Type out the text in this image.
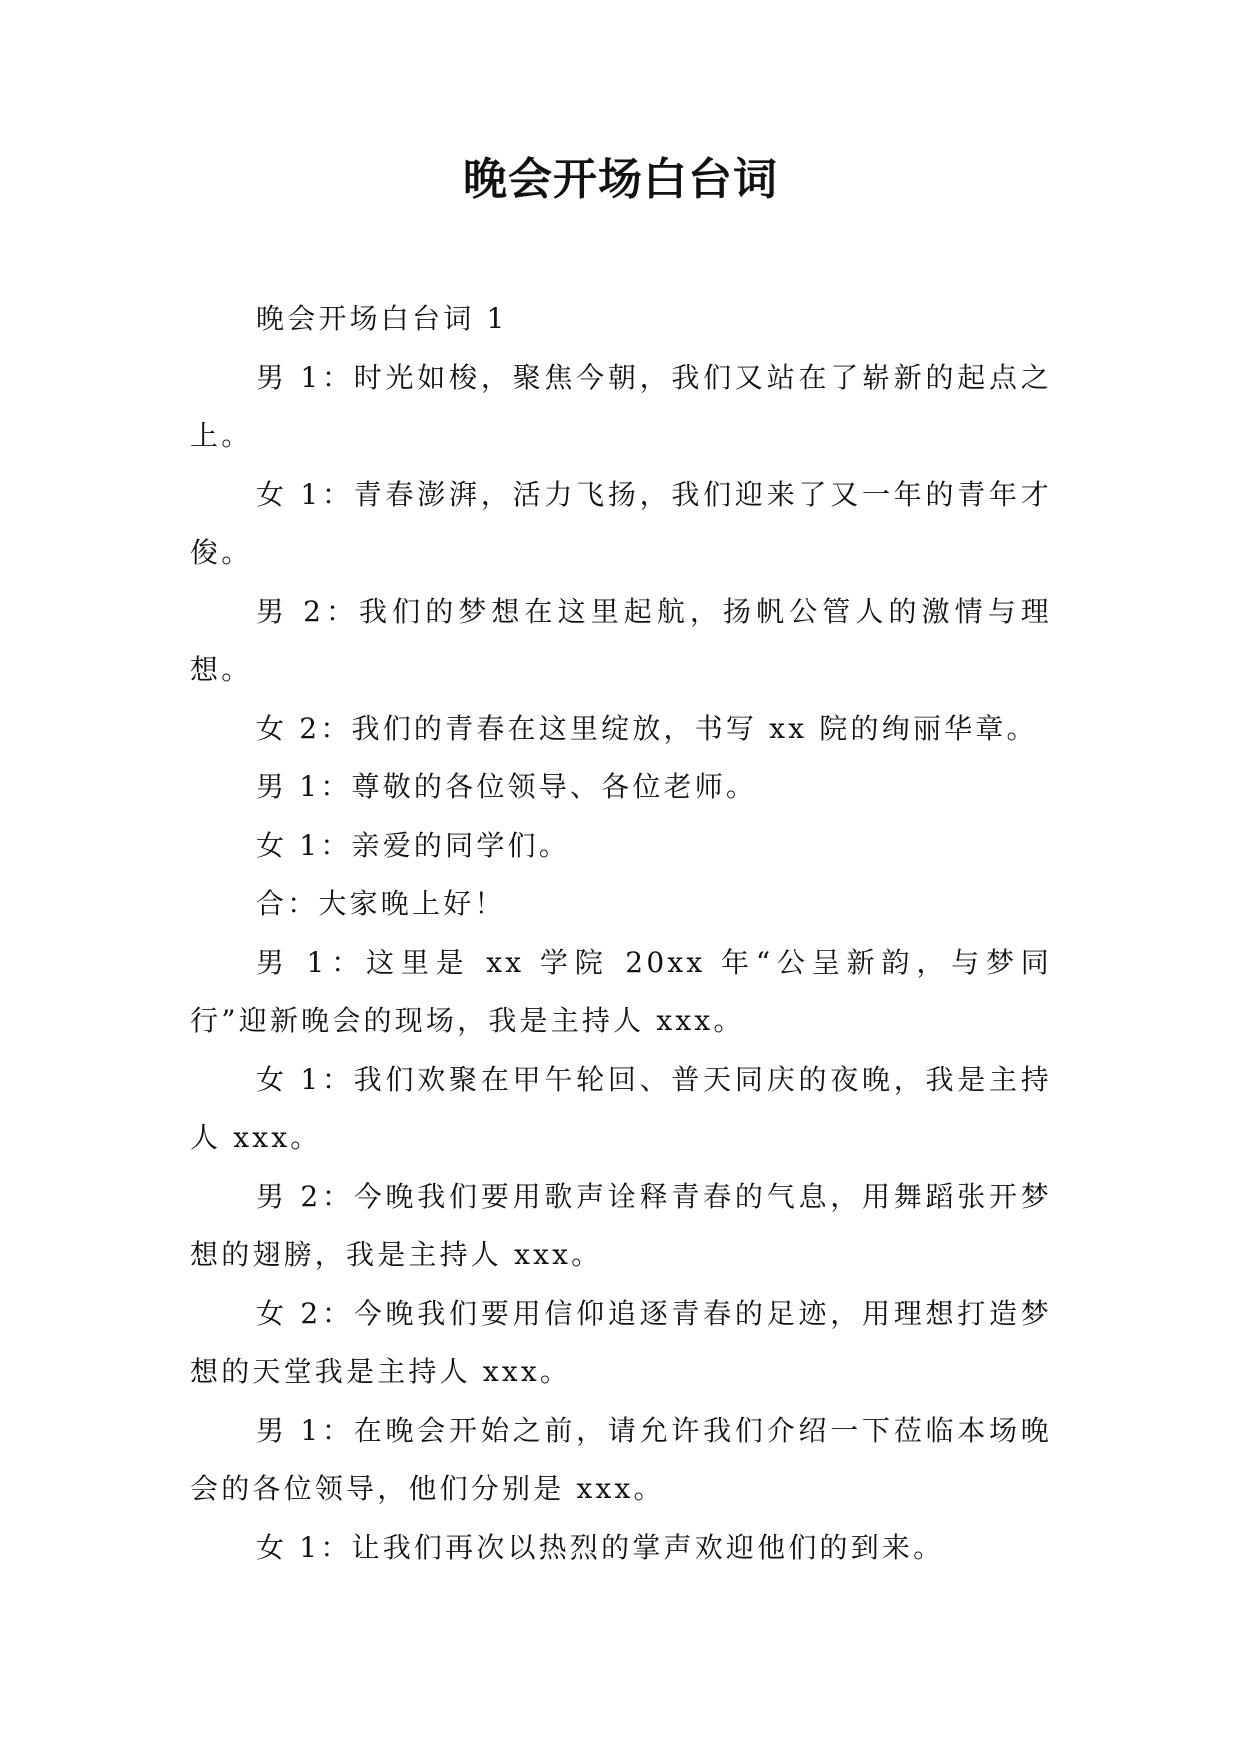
晚会开场白台词

晚会开场白台词 1

男 1：时光如梭，聚焦今朝，我们又站在了崭新的起点之上。

女 1：青春澎湃，活力飞扬，我们迎来了又一年的青年才俊。

男 2：我们的梦想在这里起航，扬帆公管人的激情与理想。

女 2：我们的青春在这里绽放，书写 xx 院的绚丽华章。

男 1：尊敬的各位领导、各位老师。

女 1：亲爱的同学们。

合：大家晚上好！

男 1：这里是 xx 学院 20xx 年“公呈新韵，与梦同行”迎新晚会的现场，我是主持人 xxx。

女 1：我们欢聚在甲午轮回、普天同庆的夜晚，我是主持人 xxx。

男 2：今晚我们要用歌声诠释青春的气息，用舞蹈张开梦想的翅膀，我是主持人 xxx。

女 2：今晚我们要用信仰追逐青春的足迹，用理想打造梦想的天堂我是主持人 xxx。

男 1：在晚会开始之前，请允许我们介绍一下莅临本场晚会的各位领导，他们分别是 xxx。

女 1：让我们再次以热烈的掌声欢迎他们的到来。
